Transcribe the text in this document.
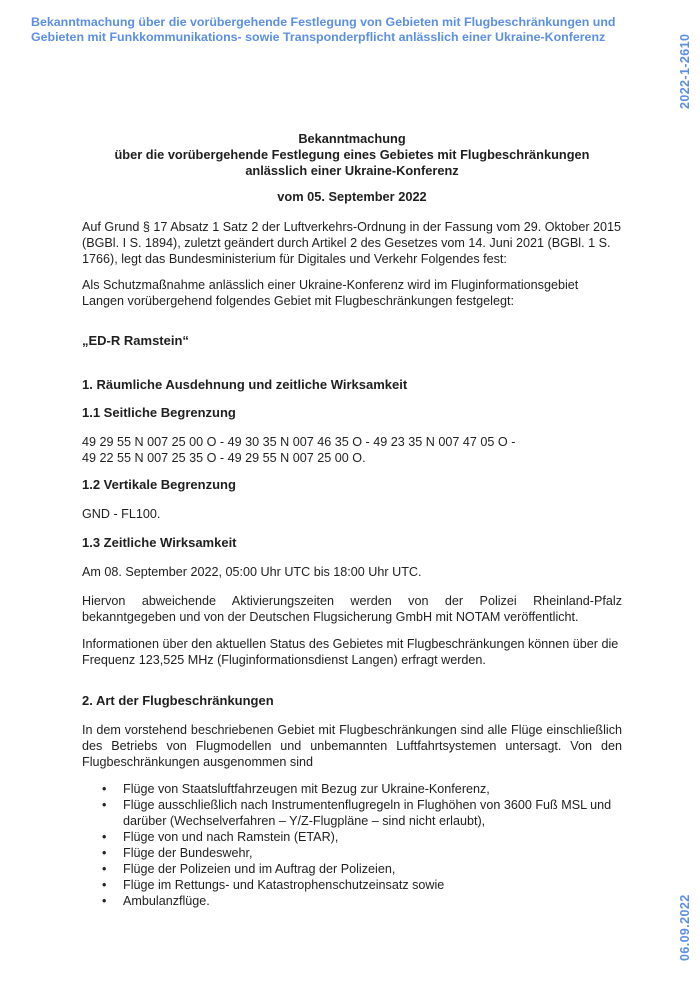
Bekanntmachung über die vorübergehende Festlegung von Gebieten mit Flugbeschränkungen und Gebieten mit Funkkommunikations- sowie Transponderpflicht anlässlich einer Ukraine-Konferenz	2022-1-2610
06.09.2022
Bekanntmachung
über die vorübergehende Festlegung eines Gebietes mit Flugbeschränkungen
anlässlich einer Ukraine-Konferenz
vom 05. September 2022

Auf Grund § 17 Absatz 1 Satz 2 der Luftverkehrs-Ordnung in der Fassung vom 29. Oktober 2015 (BGBl. I S. 1894), zuletzt geändert durch Artikel 2 des Gesetzes vom 14. Juni 2021 (BGBl. 1 S. 1766), legt das Bundesministerium für Digitales und Verkehr Folgendes fest:

Als Schutzmaßnahme anlässlich einer Ukraine-Konferenz wird im Fluginformationsgebiet Langen vorübergehend folgendes Gebiet mit Flugbeschränkungen festgelegt:

„ED-R Ramstein“
1. Räumliche Ausdehnung und zeitliche Wirksamkeit
1.1 Seitliche Begrenzung
49 29 55 N 007 25 00 O - 49 30 35 N 007 46 35 O - 49 23 35 N 007 47 05 O -
49 22 55 N 007 25 35 O - 49 29 55 N 007 25 00 O.
1.2 Vertikale Begrenzung
GND - FL100.
1.3 Zeitliche Wirksamkeit
Am 08. September 2022, 05:00 Uhr UTC bis 18:00 Uhr UTC.

Hiervon abweichende Aktivierungszeiten werden von der Polizei Rheinland-Pfalz bekanntgegeben und von der Deutschen Flugsicherung GmbH mit NOTAM veröffentlicht.

Informationen über den aktuellen Status des Gebietes mit Flugbeschränkungen können über die Frequenz 123,525 MHz (Fluginformationsdienst Langen) erfragt werden.

2. Art der Flugbeschränkungen

In dem vorstehend beschriebenen Gebiet mit Flugbeschränkungen sind alle Flüge einschließlich des Betriebs von Flugmodellen und unbemannten Luftfahrtsystemen untersagt. Von den Flugbeschränkungen ausgenommen sind

• Flüge von Staatsluftfahrzeugen mit Bezug zur Ukraine-Konferenz,
• Flüge ausschließlich nach Instrumentenflugregeln in Flughöhen von 3600 Fuß MSL und darüber (Wechselverfahren – Y/Z-Flugpläne – sind nicht erlaubt),
• Flüge von und nach Ramstein (ETAR),
• Flüge der Bundeswehr,
• Flüge der Polizeien und im Auftrag der Polizeien,
• Flüge im Rettungs- und Katastrophenschutzeinsatz sowie
• Ambulanzflüge.
